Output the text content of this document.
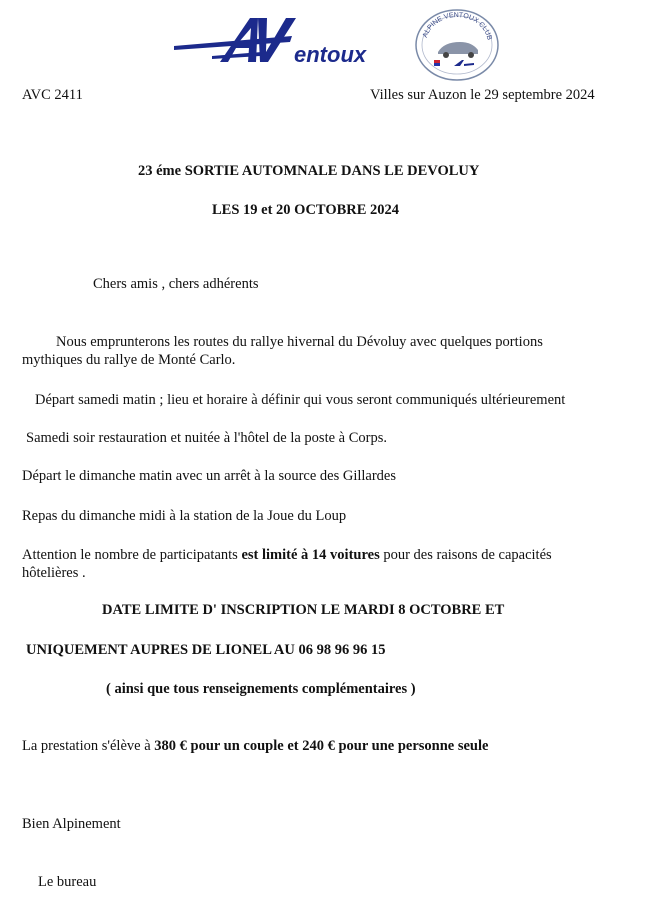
entoux
ALPINE VENTOUX CLUB
AVC 2411	Villes sur Auzon le 29 septembre 2024
23 éme SORTIE AUTOMNALE DANS LE DEVOLUY
LES 19 et 20 OCTOBRE 2024
Chers amis , chers adhérents
Nous emprunterons les routes du rallye hivernal du Dévoluy avec quelques portions
mythiques du rallye de Monté Carlo.
Départ samedi matin ; lieu et horaire à définir qui vous seront communiqués ultérieurement
Samedi soir restauration et nuitée à l'hôtel de la poste à Corps.
Départ le dimanche matin avec un arrêt à la source des Gillardes
Repas du dimanche midi à la station de la Joue du Loup
Attention le nombre de participatants est limité à 14 voitures pour des raisons de capacités
hôtelières .
DATE LIMITE D' INSCRIPTION LE MARDI 8 OCTOBRE ET
UNIQUEMENT AUPRES DE LIONEL AU 06 98 96 96 15
( ainsi que tous renseignements complémentaires )
La prestation s'élève à 380 € pour un couple et 240 € pour une personne seule
Bien Alpinement
Le bureau
